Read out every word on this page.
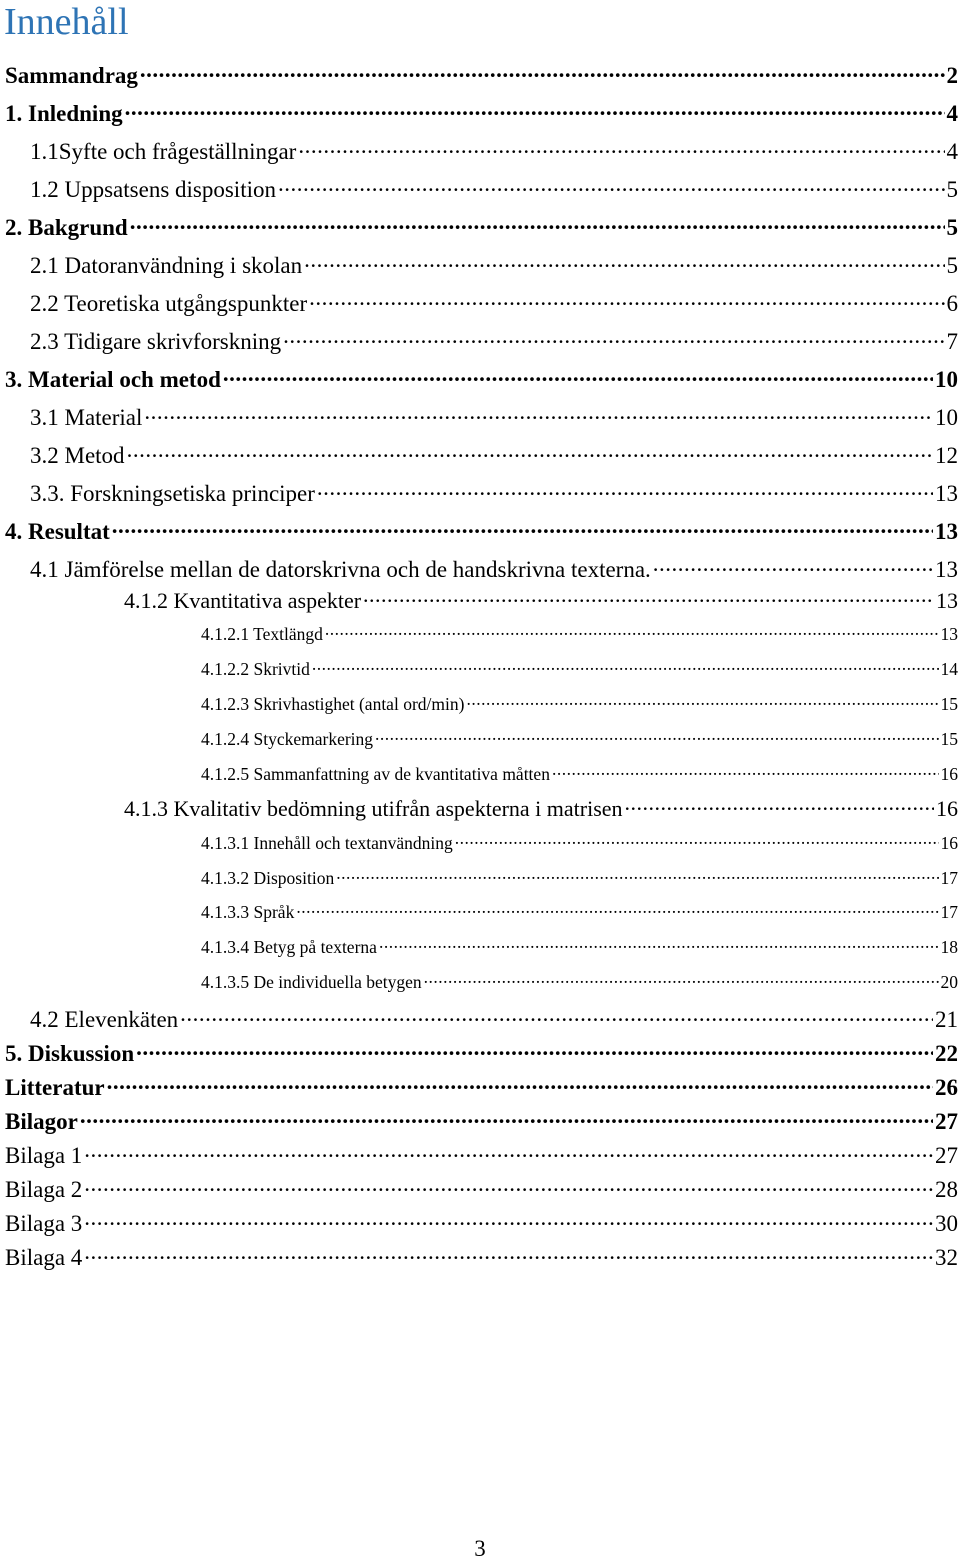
Innehåll
Sammandrag .....	2
1. Inledning .....	4
1.1Syfte och frågeställningar .....	4
1.2 Uppsatsens disposition .....	5
2. Bakgrund .....	5
2.1 Datoranvändning i skolan .....	5
2.2 Teoretiska utgångspunkter .....	6
2.3 Tidigare skrivforskning .....	7
3. Material och metod .....	10
3.1 Material .....	10
3.2 Metod .....	12
3.3. Forskningsetiska principer .....	13
4. Resultat .....	13
4.1 Jämförelse mellan de datorskrivna och de handskrivna texterna. .....	13
4.1.2 Kvantitativa aspekter .....	13
4.1.2.1 Textlängd .....	13
4.1.2.2 Skrivtid .....	14
4.1.2.3 Skrivhastighet (antal ord/min) .....	15
4.1.2.4 Styckemarkering .....	15
4.1.2.5 Sammanfattning av de kvantitativa måtten .....	16
4.1.3 Kvalitativ bedömning utifrån aspekterna i matrisen .....	16
4.1.3.1 Innehåll och textanvändning .....	16
4.1.3.2 Disposition .....	17
4.1.3.3 Språk .....	17
4.1.3.4 Betyg på texterna .....	18
4.1.3.5 De individuella betygen .....	20
4.2 Elevenkäten .....	21
5. Diskussion .....	22
Litteratur .....	26
Bilagor .....	27
Bilaga 1 .....	27
Bilaga 2 .....	28
Bilaga 3 .....	30
Bilaga 4 .....	32
3
